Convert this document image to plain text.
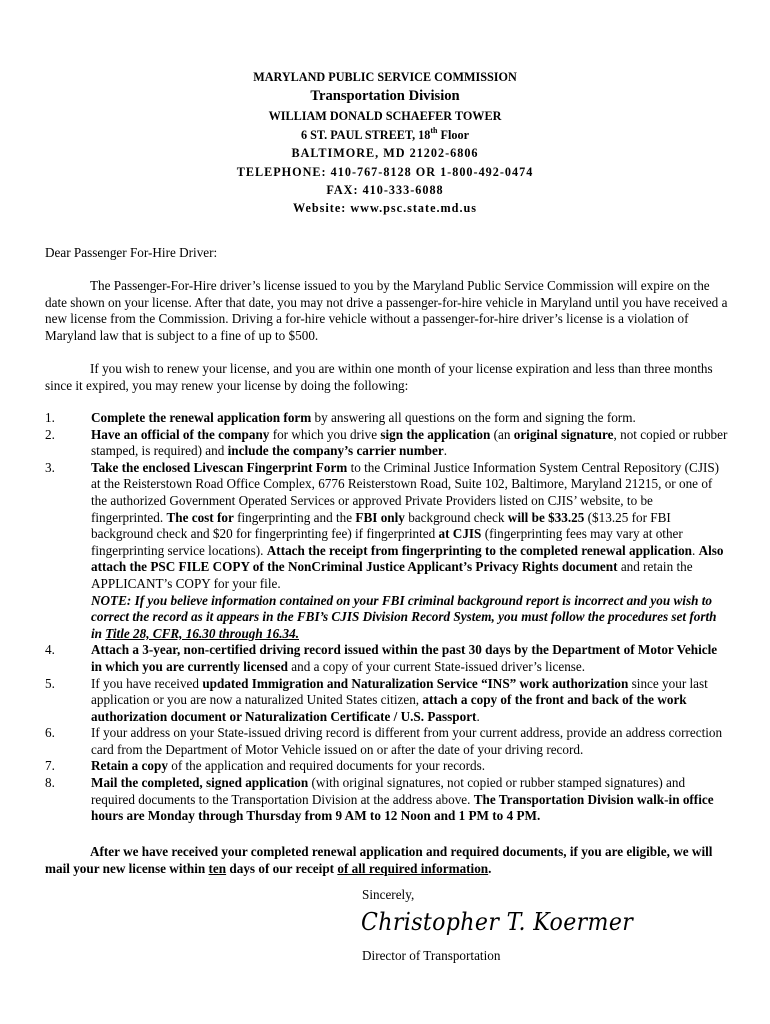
MARYLAND PUBLIC SERVICE COMMISSION
Transportation Division
WILLIAM DONALD SCHAEFER TOWER
6 ST. PAUL STREET, 18th Floor
BALTIMORE, MD 21202-6806
TELEPHONE: 410-767-8128 OR 1-800-492-0474
FAX: 410-333-6088
Website: www.psc.state.md.us
Dear Passenger For-Hire Driver:
The Passenger-For-Hire driver’s license issued to you by the Maryland Public Service Commission will expire on the date shown on your license. After that date, you may not drive a passenger-for-hire vehicle in Maryland until you have received a new license from the Commission. Driving a for-hire vehicle without a passenger-for-hire driver’s license is a violation of Maryland law that is subject to a fine of up to $500.
If you wish to renew your license, and you are within one month of your license expiration and less than three months since it expired, you may renew your license by doing the following:
1.	Complete the renewal application form by answering all questions on the form and signing the form.
2.	Have an official of the company for which you drive sign the application (an original signature, not copied or rubber stamped, is required) and include the company’s carrier number.
3.	Take the enclosed Livescan Fingerprint Form to the Criminal Justice Information System Central Repository (CJIS) at the Reisterstown Road Office Complex, 6776 Reisterstown Road, Suite 102, Baltimore, Maryland 21215, or one of the authorized Government Operated Services or approved Private Providers listed on CJIS’ website, to be fingerprinted. The cost for fingerprinting and the FBI only background check will be $33.25 ($13.25 for FBI background check and $20 for fingerprinting fee) if fingerprinted at CJIS (fingerprinting fees may vary at other fingerprinting service locations). Attach the receipt from fingerprinting to the completed renewal application. Also attach the PSC FILE COPY of the NonCriminal Justice Applicant’s Privacy Rights document and retain the APPLICANT’s COPY for your file.
NOTE: If you believe information contained on your FBI criminal background report is incorrect and you wish to correct the record as it appears in the FBI’s CJIS Division Record System, you must follow the procedures set forth in Title 28, CFR, 16.30 through 16.34.
4.	Attach a 3-year, non-certified driving record issued within the past 30 days by the Department of Motor Vehicle in which you are currently licensed and a copy of your current State-issued driver’s license.
5.	If you have received updated Immigration and Naturalization Service “INS” work authorization since your last application or you are now a naturalized United States citizen, attach a copy of the front and back of the work authorization document or Naturalization Certificate / U.S. Passport.
6.	If your address on your State-issued driving record is different from your current address, provide an address correction card from the Department of Motor Vehicle issued on or after the date of your driving record.
7.	Retain a copy of the application and required documents for your records.
8.	Mail the completed, signed application (with original signatures, not copied or rubber stamped signatures) and required documents to the Transportation Division at the address above. The Transportation Division walk-in office hours are Monday through Thursday from 9 AM to 12 Noon and 1 PM to 4 PM.
After we have received your completed renewal application and required documents, if you are eligible, we will mail your new license within ten days of our receipt of all required information.
Sincerely,
Christopher T. Koermer
Director of Transportation
